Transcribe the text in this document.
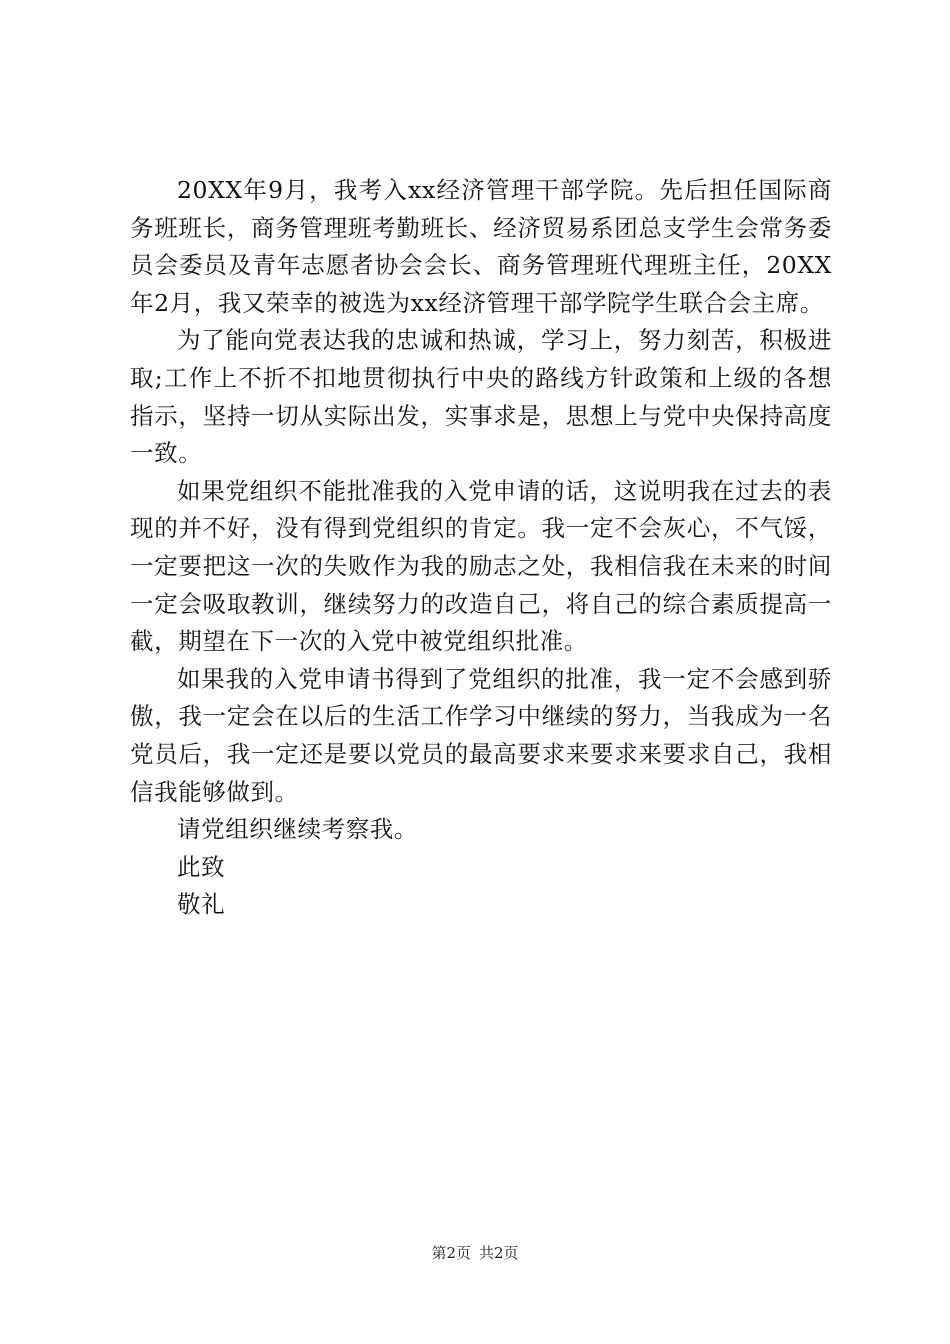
20XX年9月，我考入xx经济管理干部学院。先后担任国际商务班班长，商务管理班考勤班长、经济贸易系团总支学生会常务委员会委员及青年志愿者协会会长、商务管理班代理班主任，20XX年2月，我又荣幸的被选为xx经济管理干部学院学生联合会主席。

为了能向党表达我的忠诚和热诚，学习上，努力刻苦，积极进取;工作上不折不扣地贯彻执行中央的路线方针政策和上级的各想指示，坚持一切从实际出发，实事求是，思想上与党中央保持高度一致。

如果党组织不能批准我的入党申请的话，这说明我在过去的表现的并不好，没有得到党组织的肯定。我一定不会灰心，不气馁，一定要把这一次的失败作为我的励志之处，我相信我在未来的时间一定会吸取教训，继续努力的改造自己，将自己的综合素质提高一截，期望在下一次的入党中被党组织批准。

如果我的入党申请书得到了党组织的批准，我一定不会感到骄傲，我一定会在以后的生活工作学习中继续的努力，当我成为一名党员后，我一定还是要以党员的最高要求来要求来要求自己，我相信我能够做到。

请党组织继续考察我。

此致

敬礼

第2页 共2页
